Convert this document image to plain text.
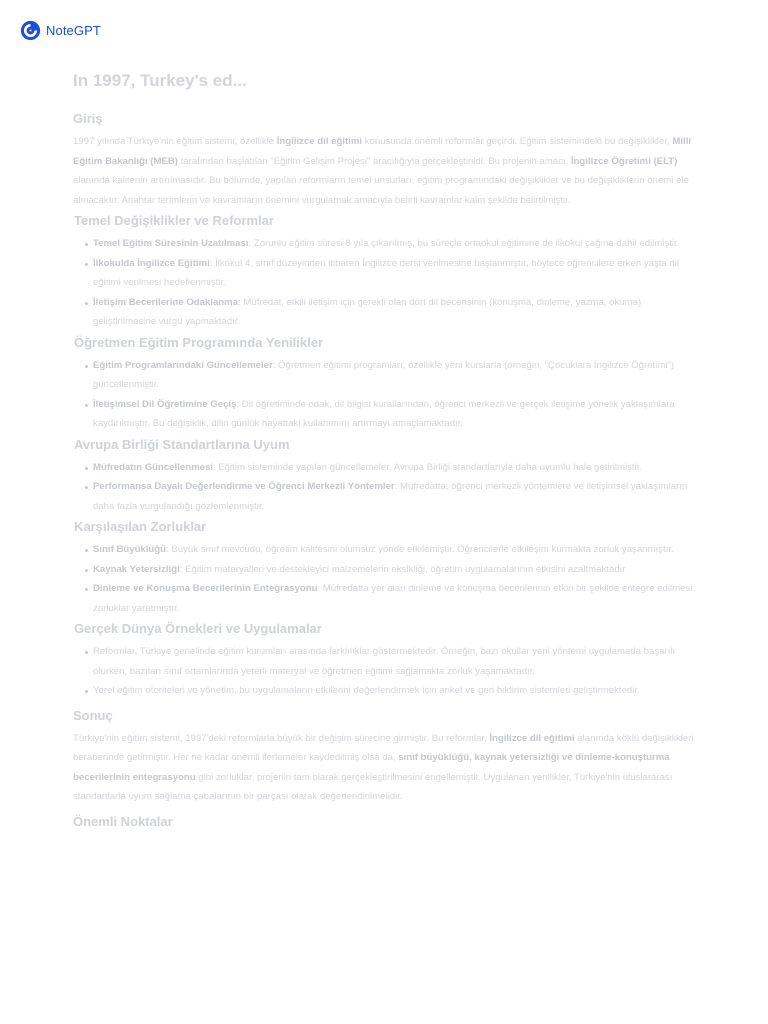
NoteGPT
In 1997, Turkey's ed...
Giriş

1997 yılında Türkiye'nin eğitim sistemi, özellikle İngilizce dil eğitimi konusunda önemli reformlar geçirdi. Eğitim sistemindeki bu değişiklikler, Milli Eğitim Bakanlığı (MEB) tarafından başlatılan "Eğitim Gelişim Projesi" aracılığıyla gerçekleştirildi. Bu projenin amacı, İngilizce Öğretimi (ELT) alanında kalitenin artırılmasıdır. Bu bölümde, yapılan reformların temel unsurları, eğitim programındaki değişiklikler ve bu değişikliklerin önemi ele alınacaktır. Anahtar terimlerin ve kavramların önemini vurgulamak amacıyla belirli kavramlar kalın şekilde belirtilmiştir.

Temel Değişiklikler ve Reformlar
Temel Eğitim Süresinin Uzatılması: Zorunlu eğitim süresi 8 yıla çıkarılmış, bu süreçle ortaokul eğitimine de ilkokul çağına dahil edilmiştir.
İlkokulda İngilizce Eğitimi: İlkokul 4. sınıf düzeyinden itibaren İngilizce dersi verilmesine başlanmıştır, böylece öğrencilere erken yaşta dil eğitimi verilmesi hedeflenmiştir.
İletişim Becerilerine Odaklanma: Müfredat, etkili iletişim için gerekli olan dört dil becerisinin (konuşma, dinleme, yazma, okuma) geliştirilmesine vurgu yapmaktadır.
Öğretmen Eğitim Programında Yenilikler
Eğitim Programlarındaki Güncellemeler: Öğretmen eğitimi programları, özellikle yeni kurslarla (örneğin, "Çocuklara İngilizce Öğretimi") güncellenmiştir.
İletişimsel Dil Öğretimine Geçiş: Dil öğretiminde odak, dil bilgisi kurallarından, öğrenci merkezli ve gerçek iletişime yönelik yaklaşımlara kaydırılmıştır. Bu değişiklik, dilin günlük hayattaki kullanımını artırmayı amaçlamaktadır.
Avrupa Birliği Standartlarına Uyum
Müfredatın Güncellenmesi: Eğitim sisteminde yapılan güncellemeler, Avrupa Birliği standartlarıyla daha uyumlu hale getirilmiştir.
Performansa Dayalı Değerlendirme ve Öğrenci Merkezli Yöntemler: Müfredatta, öğrenci merkezli yöntemlere ve iletişimsel yaklaşımların daha fazla vurgulandığı gözlemlenmiştir.
Karşılaşılan Zorluklar
Sınıf Büyüklüğü: Büyük sınıf mevcudu, öğretim kalitesini olumsuz yönde etkilemiştir. Öğrencilerle etkileşim kurmakta zorluk yaşanmıştır.
Kaynak Yetersizliği: Eğitim materyalleri ve destekleyici malzemelerin eksikliği, öğretim uygulamalarının etkisini azaltmaktadır.
Dinleme ve Konuşma Becerilerinin Entegrasyonu: Müfredatta yer alan dinleme ve konuşma becerilerinin etkin bir şekilde entegre edilmesi zorluklar yaratmıştır.
Gerçek Dünya Örnekleri ve Uygulamalar
Reformlar, Türkiye genelinde eğitim kurumları arasında farklılıklar göstermektedir. Örneğin, bazı okullar yeni yöntemi uygulamada başarılı olurken, bazıları sınıf ortamlarında yeterli materyal ve öğretmen eğitimi sağlamakta zorluk yaşamaktadır.
Yerel eğitim otoriteleri ve yönetim, bu uygulamaların etkilerini değerlendirmek için anket ve geri bildirim sistemleri geliştirmektedir.
Sonuç

Türkiye'nin eğitim sistemi, 1997'deki reformlarla büyük bir değişim sürecine girmiştir. Bu reformlar, İngilizce dil eğitimi alanında köklü değişiklikleri beraberinde getirmiştir. Her ne kadar önemli ilerlemeler kaydedilmiş olsa da, sınıf büyüklüğü, kaynak yetersizliği ve dinleme-konuşturma becerilerinin entegrasyonu gibi zorluklar, projenin tam olarak gerçekleştirilmesini engellemiştir. Uygulanan yenilikler, Türkiye'nin uluslararası standartlarla uyum sağlama çabalarının bir parçası olarak değerlendirilmelidir.

Önemli Noktalar
